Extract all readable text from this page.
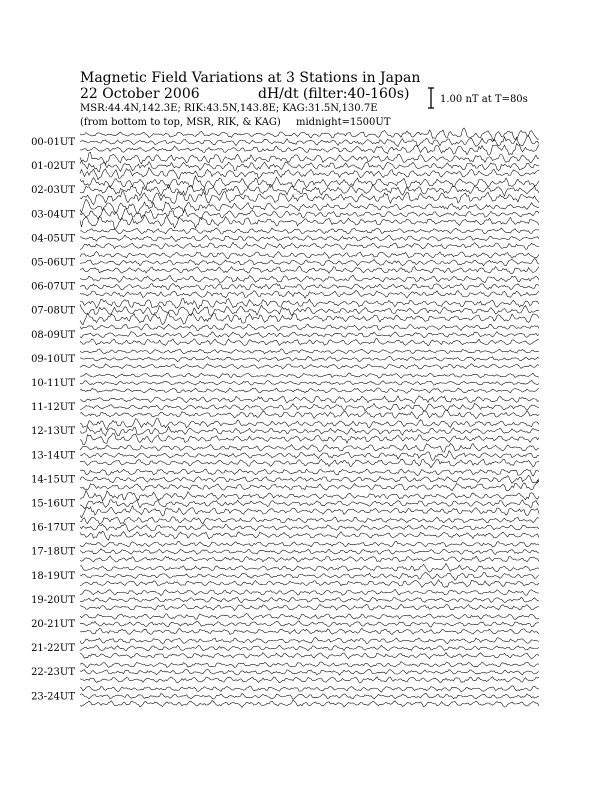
Magnetic Field Variations at 3 Stations in Japan
22 October 2006	dH/dt (filter:40-160s)
MSR:44.4N,142.3E; RIK:43.5N,143.8E; KAG:31.5N,130.7E
(from bottom to top, MSR, RIK, & KAG) midnight=1500UT
1.00 nT at T=80s
00-01UT
01-02UT
02-03UT
03-04UT
04-05UT
05-06UT
06-07UT
07-08UT
08-09UT
09-10UT
10-11UT
11-12UT
12-13UT
13-14UT
14-15UT
15-16UT
16-17UT
17-18UT
18-19UT
19-20UT
20-21UT
21-22UT
22-23UT
23-24UT
